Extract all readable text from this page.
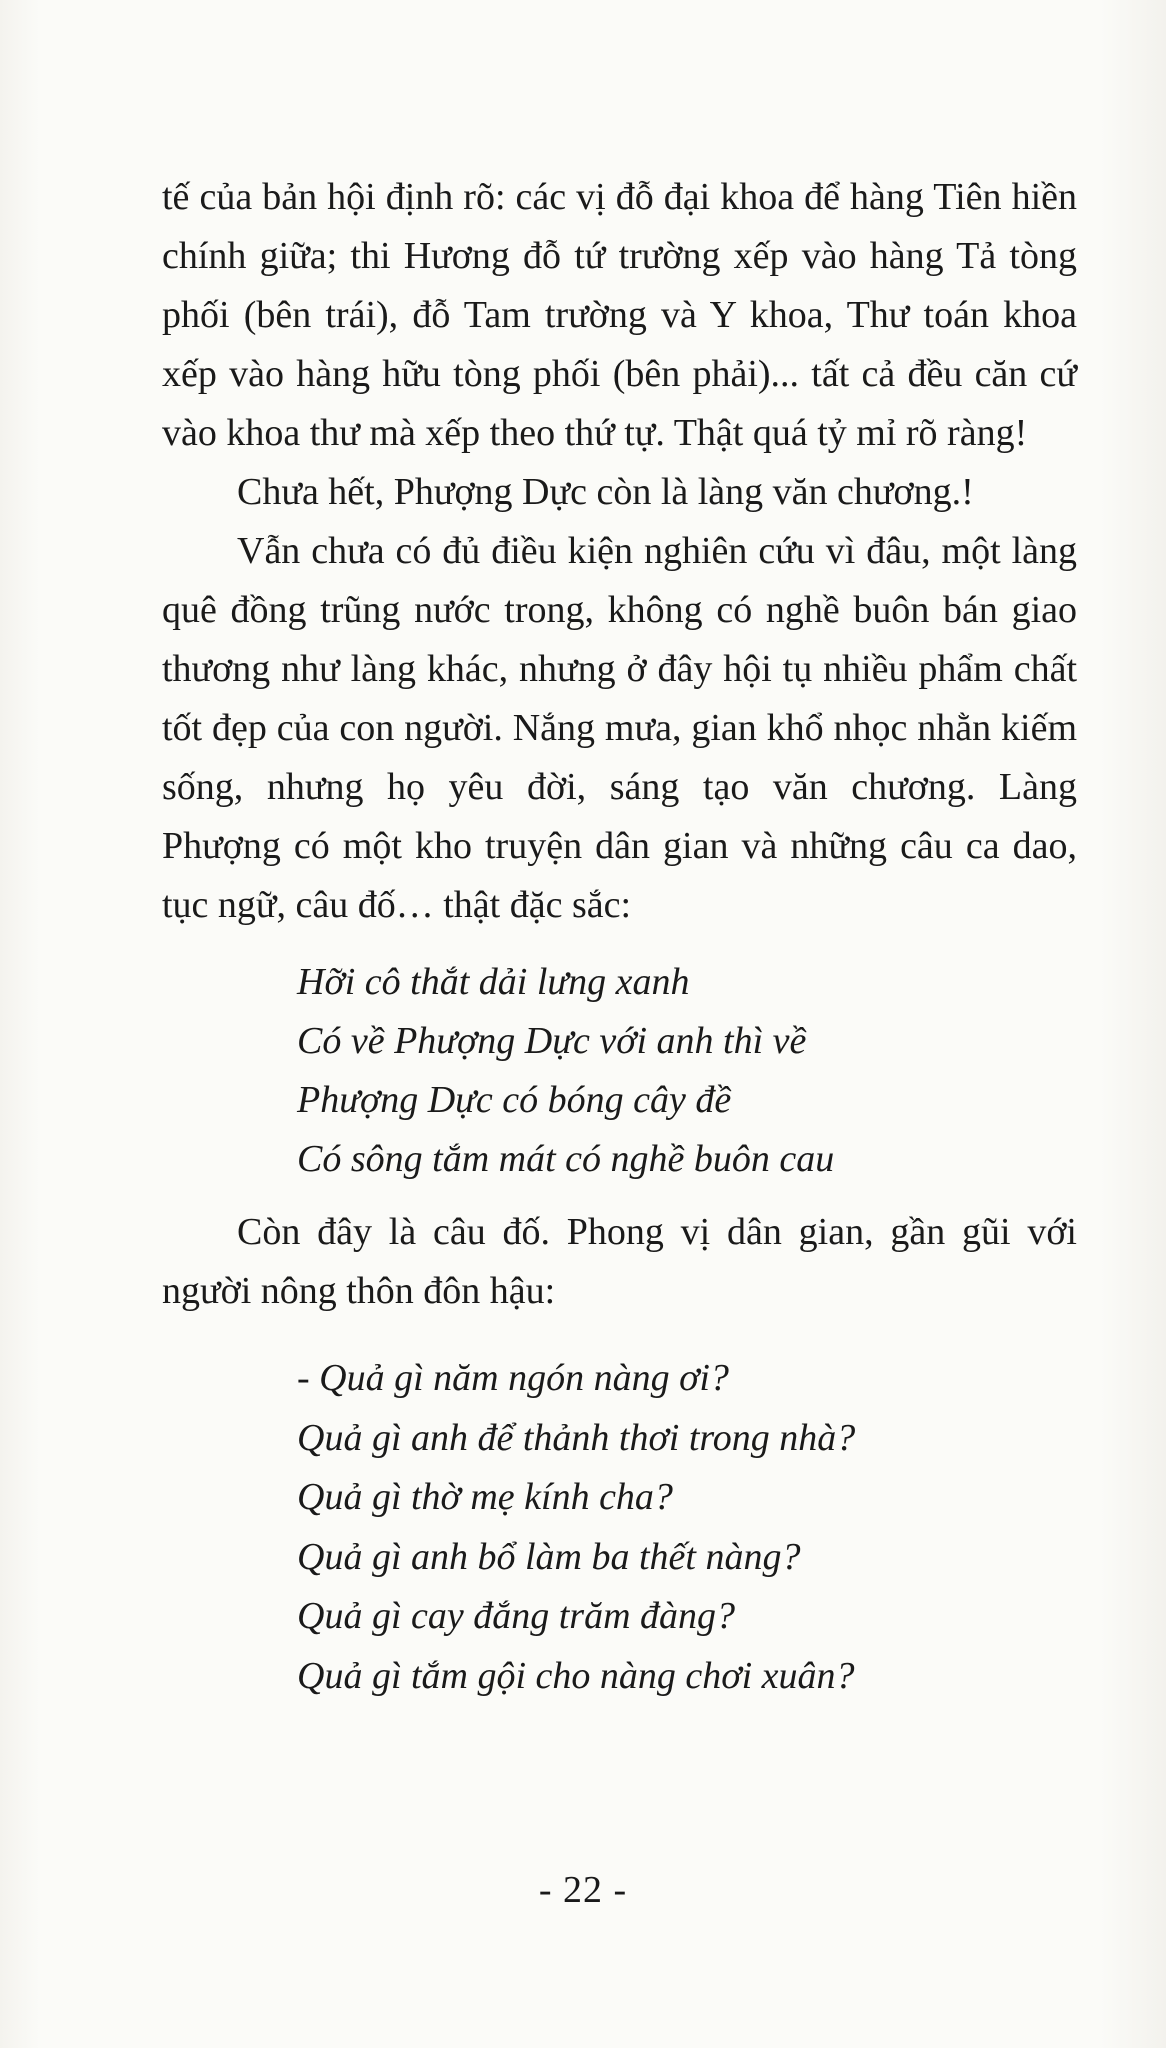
tế của bản hội định rõ: các vị đỗ đại khoa để hàng Tiên hiền chính giữa; thi Hương đỗ tứ trường xếp vào hàng Tả tòng phối (bên trái), đỗ Tam trường và Y khoa, Thư toán khoa xếp vào hàng hữu tòng phối (bên phải)... tất cả đều căn cứ vào khoa thư mà xếp theo thứ tự. Thật quá tỷ mỉ rõ ràng!

Chưa hết, Phượng Dực còn là làng văn chương.!

Vẫn chưa có đủ điều kiện nghiên cứu vì đâu, một làng quê đồng trũng nước trong, không có nghề buôn bán giao thương như làng khác, nhưng ở đây hội tụ nhiều phẩm chất tốt đẹp của con người. Nắng mưa, gian khổ nhọc nhằn kiếm sống, nhưng họ yêu đời, sáng tạo văn chương. Làng Phượng có một kho truyện dân gian và những câu ca dao, tục ngữ, câu đố… thật đặc sắc:

Hỡi cô thắt dải lưng xanh
Có về Phượng Dực với anh thì về
Phượng Dực có bóng cây đề
Có sông tắm mát có nghề buôn cau

Còn đây là câu đố. Phong vị dân gian, gần gũi với người nông thôn đôn hậu:

- Quả gì năm ngón nàng ơi?
Quả gì anh để thảnh thơi trong nhà?
Quả gì thờ mẹ kính cha?
Quả gì anh bổ làm ba thết nàng?
Quả gì cay đắng trăm đàng?
Quả gì tắm gội cho nàng chơi xuân?
- 22 -
